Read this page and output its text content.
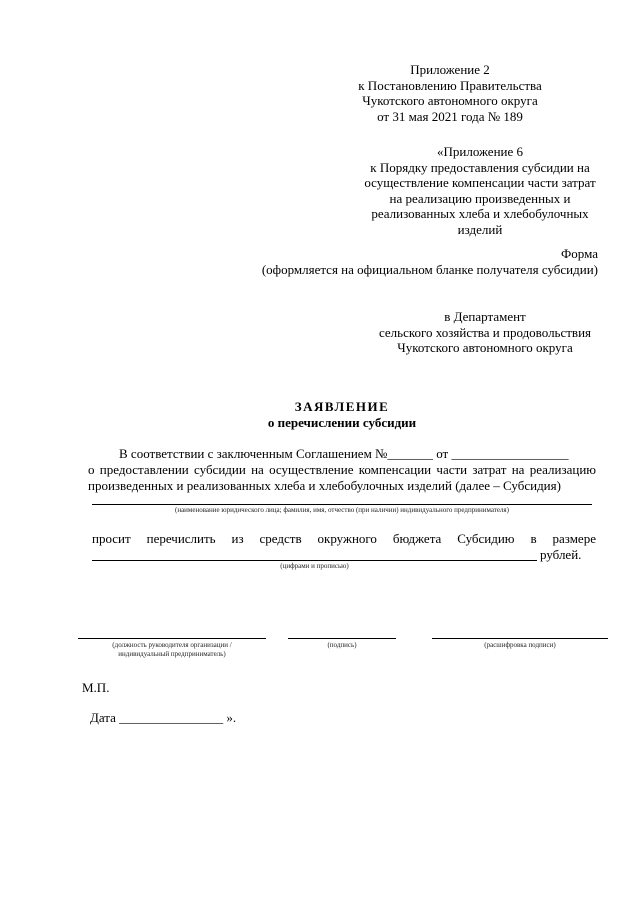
Приложение 2
к Постановлению Правительства
Чукотского автономного округа
от 31 мая 2021 года № 189
«Приложение 6
к Порядку предоставления субсидии на
осуществление компенсации части затрат
на реализацию произведенных и
реализованных хлеба и хлебобулочных
изделий
Форма
(оформляется на официальном бланке получателя субсидии)
в Департамент
сельского хозяйства и продовольствия
Чукотского автономного округа
ЗАЯВЛЕНИЕ
о перечислении субсидии
В соответствии с заключенным Соглашением №_______ от __________________
о предоставлении субсидии на осуществление компенсации части затрат на реализацию
произведенных и реализованных хлеба и хлебобулочных изделий (далее – Субсидия)
(наименование юридического лица; фамилия, имя, отчество (при наличии) индивидуального предпринимателя)
просит перечислить из средств окружного бюджета Субсидию в размере
рублей.
(цифрами и прописью)
(должность руководителя организации /
индивидуальный предприниматель)
(подпись)	(расшифровка подписи)
М.П.
Дата ________________ ».
